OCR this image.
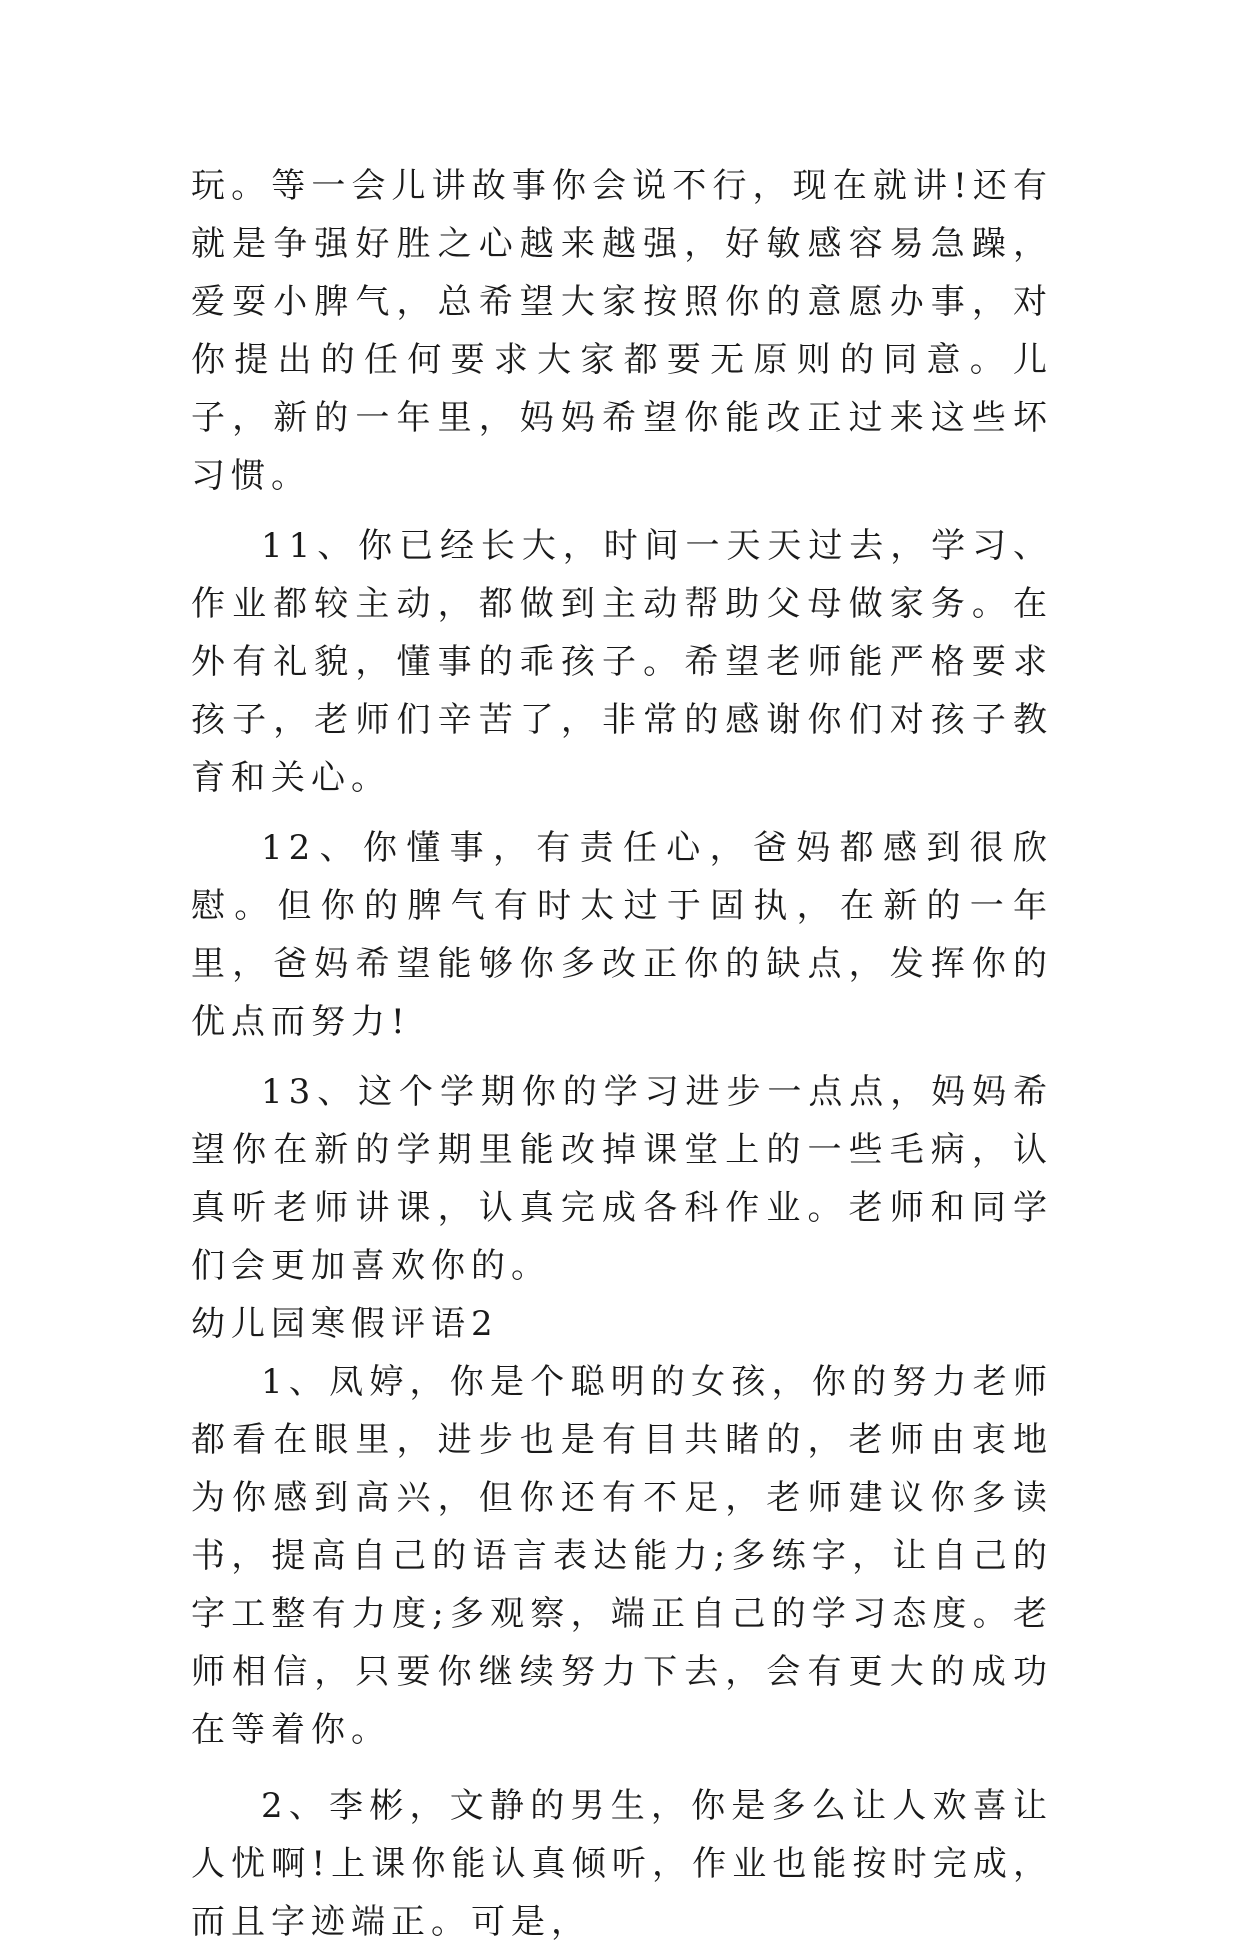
玩。等一会儿讲故事你会说不行，现在就讲!还有就是争强好胜之心越来越强，好敏感容易急躁，爱耍小脾气，总希望大家按照你的意愿办事，对你提出的任何要求大家都要无原则的同意。儿子，新的一年里，妈妈希望你能改正过来这些坏习惯。

11、你已经长大，时间一天天过去，学习、作业都较主动，都做到主动帮助父母做家务。在外有礼貌，懂事的乖孩子。希望老师能严格要求孩子，老师们辛苦了，非常的感谢你们对孩子教育和关心。

12、你懂事，有责任心，爸妈都感到很欣慰。但你的脾气有时太过于固执，在新的一年里，爸妈希望能够你多改正你的缺点，发挥你的优点而努力!

13、这个学期你的学习进步一点点，妈妈希望你在新的学期里能改掉课堂上的一些毛病，认真听老师讲课，认真完成各科作业。老师和同学们会更加喜欢你的。

幼儿园寒假评语2

1、凤婷，你是个聪明的女孩，你的努力老师都看在眼里，进步也是有目共睹的，老师由衷地为你感到高兴，但你还有不足，老师建议你多读书，提高自己的语言表达能力;多练字，让自己的字工整有力度;多观察，端正自己的学习态度。老师相信，只要你继续努力下去，会有更大的成功在等着你。

2、李彬，文静的男生，你是多么让人欢喜让人忧啊!上课你能认真倾听，作业也能按时完成，而且字迹端正。可是，
